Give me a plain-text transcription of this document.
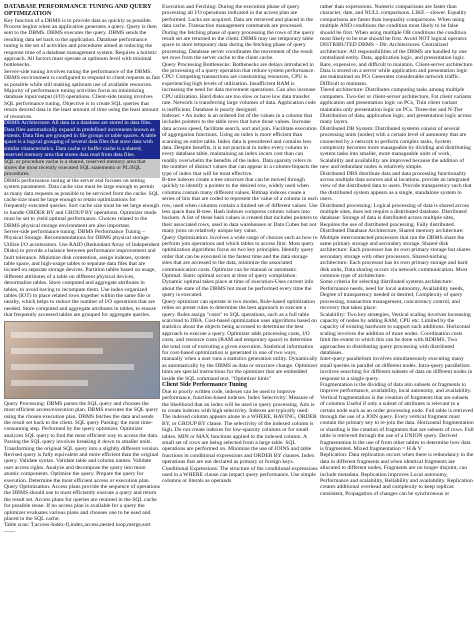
DATABASE PERFORMANCE TUNING AND QUERY OPTIMIZATION

Key function of a DBMS is to provide data as quickly as possible. Process begins when an application generates a query. Query is then sent to the DBMS. DBMS executes the query. DBMS sends the resulting data set back to the application. Database performance tuning is the set of activities and procedures aimed at reducing the response time of a database management system. Requires a holistic approach. All factors must operate at optimum level with minimal bottlenecks.

Server-side tuning involves tuning the performance of the DBMS. DBMS environment is configured to respond to client requests as fast as possible while still making optimum use of available resources. Majority of performance tuning activities focus on minimizing database input/output (I/O) operations. Client-side tuning involves SQL performance tuning. Objective is to create SQL queries that return desired data in the least amount of time using the least amount of resources.

DBMS Architecture: All data in a database are stored in data files. Data files automatically expand in predefined increments known as extents. Data files are grouped in file groups or table spaces. A table space is a logical grouping of several data files that store data with similar characteristics. Data cache or buffer cache is a shared, reserved memory area that stores data read from data files.

SQL or procedure cache is a shared, reserved memory area that stores the most recently executed SQL statements or PL/SQL procedures.

DBMS performance tuning at the server end focuses on setting system parameters. Data cache size must be large enough to permit as many data requests as possible to be serviced from the cache. SQL cache size must be large enough to retain optimizations for frequently executed queries. Sort cache size must be set large enough to handle ORDER BY and GROUP BY operations. Optimizer mode must be set to yield optimal performance. Choices related to the DBMS physical storage environment are also important.

Server-side performance tuning: DBMS Performance Tuning – Physical Storage. Recommendations for DBMS physical storage. Utilize I/O accelerators. Use RAID (Redundant Array of Independent Disks) to provide a balance between performance improvement and fault tolerance. Minimize disk contention, assign indexes, system table space, and high-usage tables to separate data files that are located on separate storage devices. Partition tables based on usage, different attributes of a table on different physical devices, denormalize tables. Store computed and aggregate attributes in tables, to avoid having to recompute them. Use index-organized tables (IOT) to place related rows together within the same file or nearby, which helps to reduce the number of I/O operations that are needed. Store computed and aggregate attributes in tables, to ensure that frequently accessed tables are grouped for aggregate queries.

Query Processing: DBMS parses the SQL query and chooses the most efficient access/execution plan. DBMS executes the SQL query using the chosen execution plan. DBMS fetches the data and sends the result set back to the client. SQL query Parsing: the most time-consuming step. Performed by the query optimizer. Optimizer analyzes SQL query to find the most efficient way to access the data. Parsing the SQL query involves breaking it down to smaller units. Transforming the original SQL query into a slightly different version. Revised query is fully equivalent and more efficient than the original query. Validate syntax. Validate table and column names. Validate user access rights. Analyze and decompose the query into more atomic components. Optimize the query. Prepare the query for execution. Determine the most efficient access or execution plan.

Query Optimization: Access plans provide the sequence of operations the DBMS should use to most efficiently execute a query and return the result set. Access plans for queries are retained in the SQL cache for possible reuse. If no access plan is available for a query the optimizer evaluates various plans and chooses one to be used and placed in the SQL cache.

Table scan: T,access-Index-fl,index,access,nested loop,merge,sort——

Execution and Fetching: During the execution phase of query processing all I/O operations indicated in the access plan are performed. Locks are acquired. Data are retrieved and placed in the data cache. Transaction management commands are processed. During the fetching phase of query processing the rows of the query result set are returned to the client. DBMS may use temporary table space to store temporary data during the fetching phase of query processing. Database server coordinates the movement of the result set rows from the server cache to the client cache.

Query Processing Bottlenecks: Bottlenecks are delays introduced in the processing of a query operation that reduce system performance. CPU: Competing transactions are constraining resources, CPU is experiencing high levels of utilization. Insufficient RAM is increasing the need for data movement operations. Can also increase CPU utilization. Hard disks are too slow or have low data transfer rate. Network is transferring large volumes of data. Application code is inefficient. Database is poorly designed.

Indexes: • An index is an ordered list of the values in a column that includes pointers to the table rows that have those values. Increase data access speed, facilitate search, sort and join. Facilitate execution of aggregation functions. Using an index is more efficient than scanning an entire table. Index data is preordered and contains less data. Despite benefits, it is not practical to index every column in every database table, maintaining an index incurs cost than can readily overwhelm the benefits of the index. Data sparsity refers to the number of distinct values that can appear in a column-Impacts the type of index that will be most effective.

B-tree indexes create a tree structure that can be moved through quickly to identify a pointer to the desired row, widely used when columns contain many different values. Bitmap indexes create a series of bits that are coded to represent the value of a column in each row, used when columns contain a limited set of different values. Use less space than B-tree. Hash indexes compress column values into buckets. A list of these hash values is created that includes pointers to their associated rows, used in data warehouses or Data Cubes but not many joins on relatively unique key value.

Query Optimization: involves a wide range of choices such as how to perform join operations and which tables to access first. Most query optimization algorithms focus on two key principles. Identify query order that can be executed in the fastest time and the data storage sites that are accessed to the data, minimize the associated communication costs. Optimize can be manual or automatic.

Optimal. Static optimal occurs at time of query compilation. Dynamic optimal takes place at time of execution-Uses current info about the state of the DBMS but must be performed every time the query is executed.

Query optimizer can operate in two modes, Rule-based optimization relies on preset rules to determine the best approach to execute a query. Rules assign "costs" to SQL operations, such as a full table scan/read to DBA. Cost-based optimization uses algorithms based on statistics about the objects being accessed to determine the best approach to execute a query. Optimizer adds processing costs, I/O costs, and resource costs (RAM and temporary space) to determine the total cost of executing a given execution. Statistical information for cost-based optimization is generated in one of two ways, manually when a user runs a statistics generation utility. Dynamically as automatically by the DBMS as data or structure change. Optimizer hints are special instructions for the optimizer that are embedded inside the SQL command text. "Optimizer hints"

Client Side Performance Tuning

Due to poorly written code, indexes can be used to improve performance, function-based indexes. Index Selectivity: Measure of the likelihood that an index will be used in query processing. Aim is to create indexes with high selectivity. Indexes are typically used: The indexed column appears alone in a WHERE, HAVING, ORDER BY, or GROUP BY clause. The selectivity of the indexed column is high. Do not create indexes for low-sparsity columns or for small tables. MIN or MAX functions applied to the indexed column. A small set of rows are being selected from a large table. SQL operations are performed on. Minimize the use of JOINS and table functions in conditional expressions and ORDER BY clauses. Index operations that are not declared as primary or foreign keys.

Conditional Expressions: The structure of the conditional expressions used in a WHERE clause can impact query performance. Use simple columns or literals as operands

rather than expressions. Numeric comparisons are faster than character, date, and NULL comparisons. LIKE – slower. Equality comparisons are faster than inequality comparisons. When using multiple AND conditions the condition most likely to be false should be first. When using multiple OR conditions the condition most likely to be true should be first. Avoid NOT logical operator.

DISTRIBUTED DBMS – Db: Architectures: Centralized architecture: All responsibilities of the DBMS are handled by one centralized entity. Data, application logic, and presentation logic. Rare, expensive, and difficult to maintain. Client-server architecture Data is stored on a server while application and presentation logic are maintained on PCs Generates considerable network traffic. Difficult to maintain.

Tiered architecture: Distributes computing tasks among multiple computers. Two-tier or client-server architecture, Fat client variants application and presentation logic on PCs, Thin client variant maintains only presentation logic on PCs. Three-tier and N-Tier Distribution of data, application logic, and presentation logic across many layers.

Distributed DB System: Distributed systems consist of several processing units (nodes) with a certain level of autonomy that are connected by a network to perform complex tasks, System complexity becomes more manageable by dividing and distributing system tasks into smaller, more manageable units of work, Scalability and availability are improved because the addition of new and redundant nodes is relatively simple.

Distributed DBS distribute data and data processing functionality across multiple data sources and sl locations, provide an integrated view of the distributed data to users. Provide transparency such that the distributed system appears as a single, standalone system to users.

Distributed processing: Logical processing of data is shared across multiple sites, does not require a distributed database. Distributed database: Storage of data is distributed across multiple sites, Requires the use of distributed processing. Fully distributed.

Distributed Database Architecture, Shared memory architecture: Multiple interconnected processors that run the DBMS share the same primary storage and secondary storage. Shared disk architecture: Each processor has its own primary storage but shares secondary storage with other processors. Shared-nothing architecture: Each processor has its own primary storage and hard disk units, Data sharing occurs via network communication. Most common type of architecture.

Some criteria for selecting distributed systems architecture: Performance needs, need for local autonomy, Availability needs, Degree of transparency needed or desired, Complexity of query processing, transaction management, concurrency control, and recovery that takes place.

Scalability: Two key strategies, Vertical scaling involves increasing capacity of nodes by adding RAM, CPU etc. Limited by the capacity of existing hardware to support such additions. Horizontal scaling involves the addition of more nodes. Coordination costs limit the extent to which this can be done with RDBMS. Two approaches to distributing query processing with distributed databases.

Inter-query parallelism involves simultaneously executing many small queries in parallel on different nodes. Intra-query parallelism involves searching for different subsets of data on different nodes in response to a single query.

Fragmentation is the dividing of data into subsets or fragments to improve performance, availability, local autonomy, and availability. Vertical fragmentation is the creation of fragments that are subsets of columns Useful if only a subset of attributes is relevant to a certain node such as an order processing node. Full table is retrieved through the use of a JOIN query. Every vertical fragment must contain the primary key to re-join the data. Horizontal fragmentation or sharding is the creation of fragments that are subsets of rows. Full table is retrieved through the use of a UNION query. Derived fragmentation is the use of from other tables to determine how data is fragmented. Mixed fragmentation = H & V

Replication: Data replication occurs when there is redundancy in the data in different fragments and when identical fragments are allocated to different nodes, Fragments are no longer disjoint, can include metadata. Replication improves Local autonomy, Performance and scalability, Reliability and availability. Replication creates additional overhead and complexity to keep replicas consistent, Propagation of changes can be synchronous or
